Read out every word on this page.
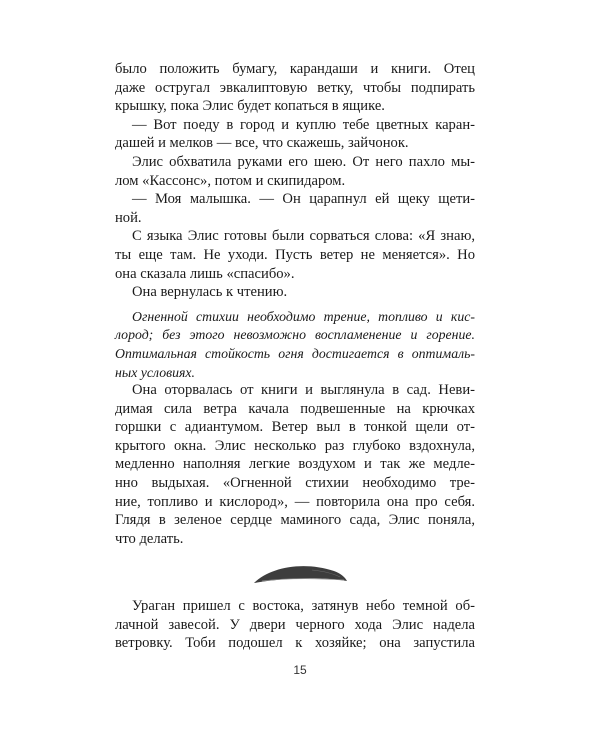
было положить бумагу, карандаши и книги. Отец
даже остругал эвкалиптовую ветку, чтобы подпирать
крышку, пока Элис будет копаться в ящике.
— Вот поеду в город и куплю тебе цветных каран-
дашей и мелков — все, что скажешь, зайчонок.
Элис обхватила руками его шею. От него пахло мы-
лом «Кассонс», потом и скипидаром.
— Моя малышка. — Он царапнул ей щеку щети-
ной.
С языка Элис готовы были сорваться слова: «Я знаю,
ты еще там. Не уходи. Пусть ветер не меняется». Но
она сказала лишь «спасибо».
Она вернулась к чтению.
Огненной стихии необходимо трение, топливо и кис-
лород; без этого невозможно воспламенение и горение.
Оптимальная стойкость огня достигается в оптималь-
ных условиях.
Она оторвалась от книги и выглянула в сад. Неви-
димая сила ветра качала подвешенные на крючках
горшки с адиантумом. Ветер выл в тонкой щели от-
крытого окна. Элис несколько раз глубоко вздохнула,
медленно наполняя легкие воздухом и так же медле-
нно выдыхая. «Огненной стихии необходимо тре-
ние, топливо и кислород», — повторила она про себя.
Глядя в зеленое сердце маминого сада, Элис поняла,
что делать.
Ураган пришел с востока, затянув небо темной об-
лачной завесой. У двери черного хода Элис надела
ветровку. Тоби подошел к хозяйке; она запустила
15
